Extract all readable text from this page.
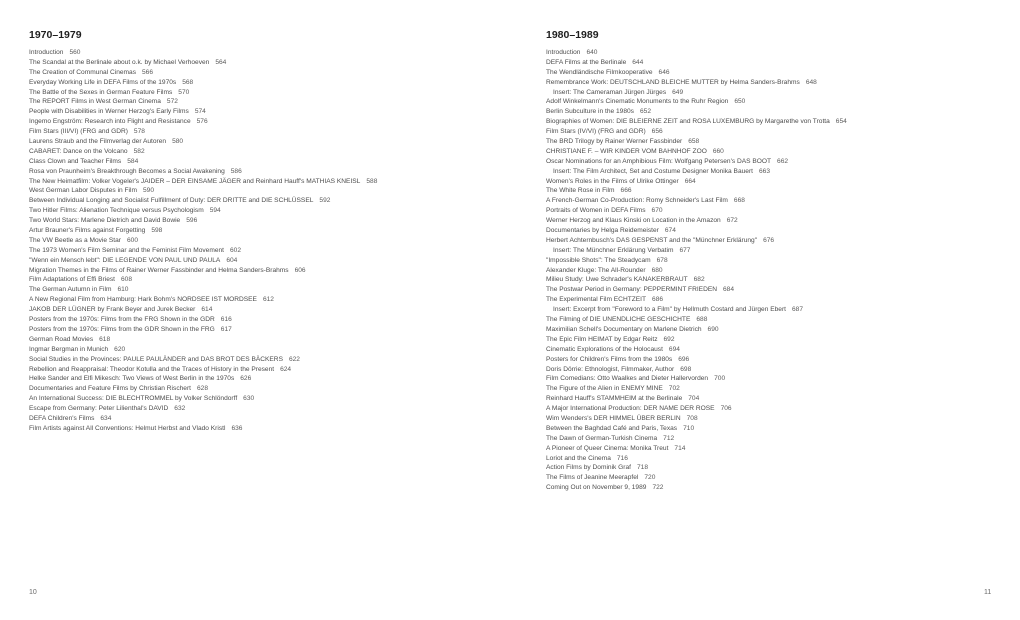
1970–1979
Introduction 560
The Scandal at the Berlinale about o.k. by Michael Verhoeven 564
The Creation of Communal Cinemas 566
Everyday Working Life in DEFA Films of the 1970s 568
The Battle of the Sexes in German Feature Films 570
The REPORT Films in West German Cinema 572
People with Disabilities in Werner Herzog's Early Films 574
Ingemo Engström: Research into Flight and Resistance 576
Film Stars (III/VI) (FRG and GDR) 578
Laurens Straub and the Filmverlag der Autoren 580
CABARET: Dance on the Volcano 582
Class Clown and Teacher Films 584
Rosa von Praunheim's Breakthrough Becomes a Social Awakening 586
The New Heimatfilm: Volker Vogeler's JAIDER – DER EINSAME JÄGER and Reinhard Hauff's MATHIAS KNEISL 588
West German Labor Disputes in Film 590
Between Individual Longing and Socialist Fulfillment of Duty: DER DRITTE and DIE SCHLÜSSEL 592
Two Hitler Films: Alienation Technique versus Psychologism 594
Two World Stars: Marlene Dietrich and David Bowie 596
Artur Brauner's Films against Forgetting 598
The VW Beetle as a Movie Star 600
The 1973 Women's Film Seminar and the Feminist Film Movement 602
"Wenn ein Mensch lebt": DIE LEGENDE VON PAUL UND PAULA 604
Migration Themes in the Films of Rainer Werner Fassbinder and Helma Sanders-Brahms 606
Film Adaptations of Effi Briest 608
The German Autumn in Film 610
A New Regional Film from Hamburg: Hark Bohm's NORDSEE IST MORDSEE 612
JAKOB DER LÜGNER by Frank Beyer and Jurek Becker 614
Posters from the 1970s: Films from the FRG Shown in the GDR 616
Posters from the 1970s: Films from the GDR Shown in the FRG 617
German Road Movies 618
Ingmar Bergman in Munich 620
Social Studies in the Provinces: PAULE PAULÄNDER and DAS BROT DES BÄCKERS 622
Rebellion and Reappraisal: Theodor Kotulla and the Traces of History in the Present 624
Helke Sander and Elfi Mikesch: Two Views of West Berlin in the 1970s 626
Documentaries and Feature Films by Christian Rischert 628
An International Success: DIE BLECHTROMMEL by Volker Schlöndorff 630
Escape from Germany: Peter Lilienthal's DAVID 632
DEFA Children's Films 634
Film Artists against All Conventions: Helmut Herbst and Vlado Kristl 636
1980–1989
Introduction 640
DEFA Films at the Berlinale 644
The Wendländische Filmkooperative 646
Remembrance Work: DEUTSCHLAND BLEICHE MUTTER by Helma Sanders-Brahms 648
Insert: The Cameraman Jürgen Jürges 649
Adolf Winkelmann's Cinematic Monuments to the Ruhr Region 650
Berlin Subculture in the 1980s 652
Biographies of Women: DIE BLEIERNE ZEIT and ROSA LUXEMBURG by Margarethe von Trotta 654
Film Stars (IV/VI) (FRG and GDR) 656
The BRD Trilogy by Rainer Werner Fassbinder 658
CHRISTIANE F. – WIR KINDER VOM BAHNHOF ZOO 660
Oscar Nominations for an Amphibious Film: Wolfgang Petersen's DAS BOOT 662
Insert: The Film Architect, Set and Costume Designer Monika Bauert 663
Women's Roles in the Films of Ulrike Ottinger 664
The White Rose in Film 666
A French-German Co-Production: Romy Schneider's Last Film 668
Portraits of Women in DEFA Films 670
Werner Herzog and Klaus Kinski on Location in the Amazon 672
Documentaries by Helga Reidemeister 674
Herbert Achternbusch's DAS GESPENST and the "Münchner Erklärung" 676
Insert: The Münchner Erklärung Verbatim 677
"Impossible Shots": The Steadycam 678
Alexander Kluge: The All-Rounder 680
Milieu Study: Uwe Schrader's KANAKERBRAUT 682
The Postwar Period in Germany: PEPPERMINT FRIEDEN 684
The Experimental Film ECHTZEIT 686
Insert: Excerpt from "Foreword to a Film" by Hellmuth Costard and Jürgen Ebert 687
The Filming of DIE UNENDLICHE GESCHICHTE 688
Maximilian Schell's Documentary on Marlene Dietrich 690
The Epic Film HEIMAT by Edgar Reitz 692
Cinematic Explorations of the Holocaust 694
Posters for Children's Films from the 1980s 696
Doris Dörrie: Ethnologist, Filmmaker, Author 698
Film Comedians: Otto Waalkes and Dieter Hallervorden 700
The Figure of the Alien in ENEMY MINE 702
Reinhard Hauff's STAMMHEIM at the Berlinale 704
A Major International Production: DER NAME DER ROSE 706
Wim Wenders's DER HIMMEL ÜBER BERLIN 708
Between the Baghdad Café and Paris, Texas 710
The Dawn of German-Turkish Cinema 712
A Pioneer of Queer Cinema: Monika Treut 714
Loriot and the Cinema 716
Action Films by Dominik Graf 718
The Films of Jeanine Meerapfel 720
Coming Out on November 9, 1989 722
10	11
